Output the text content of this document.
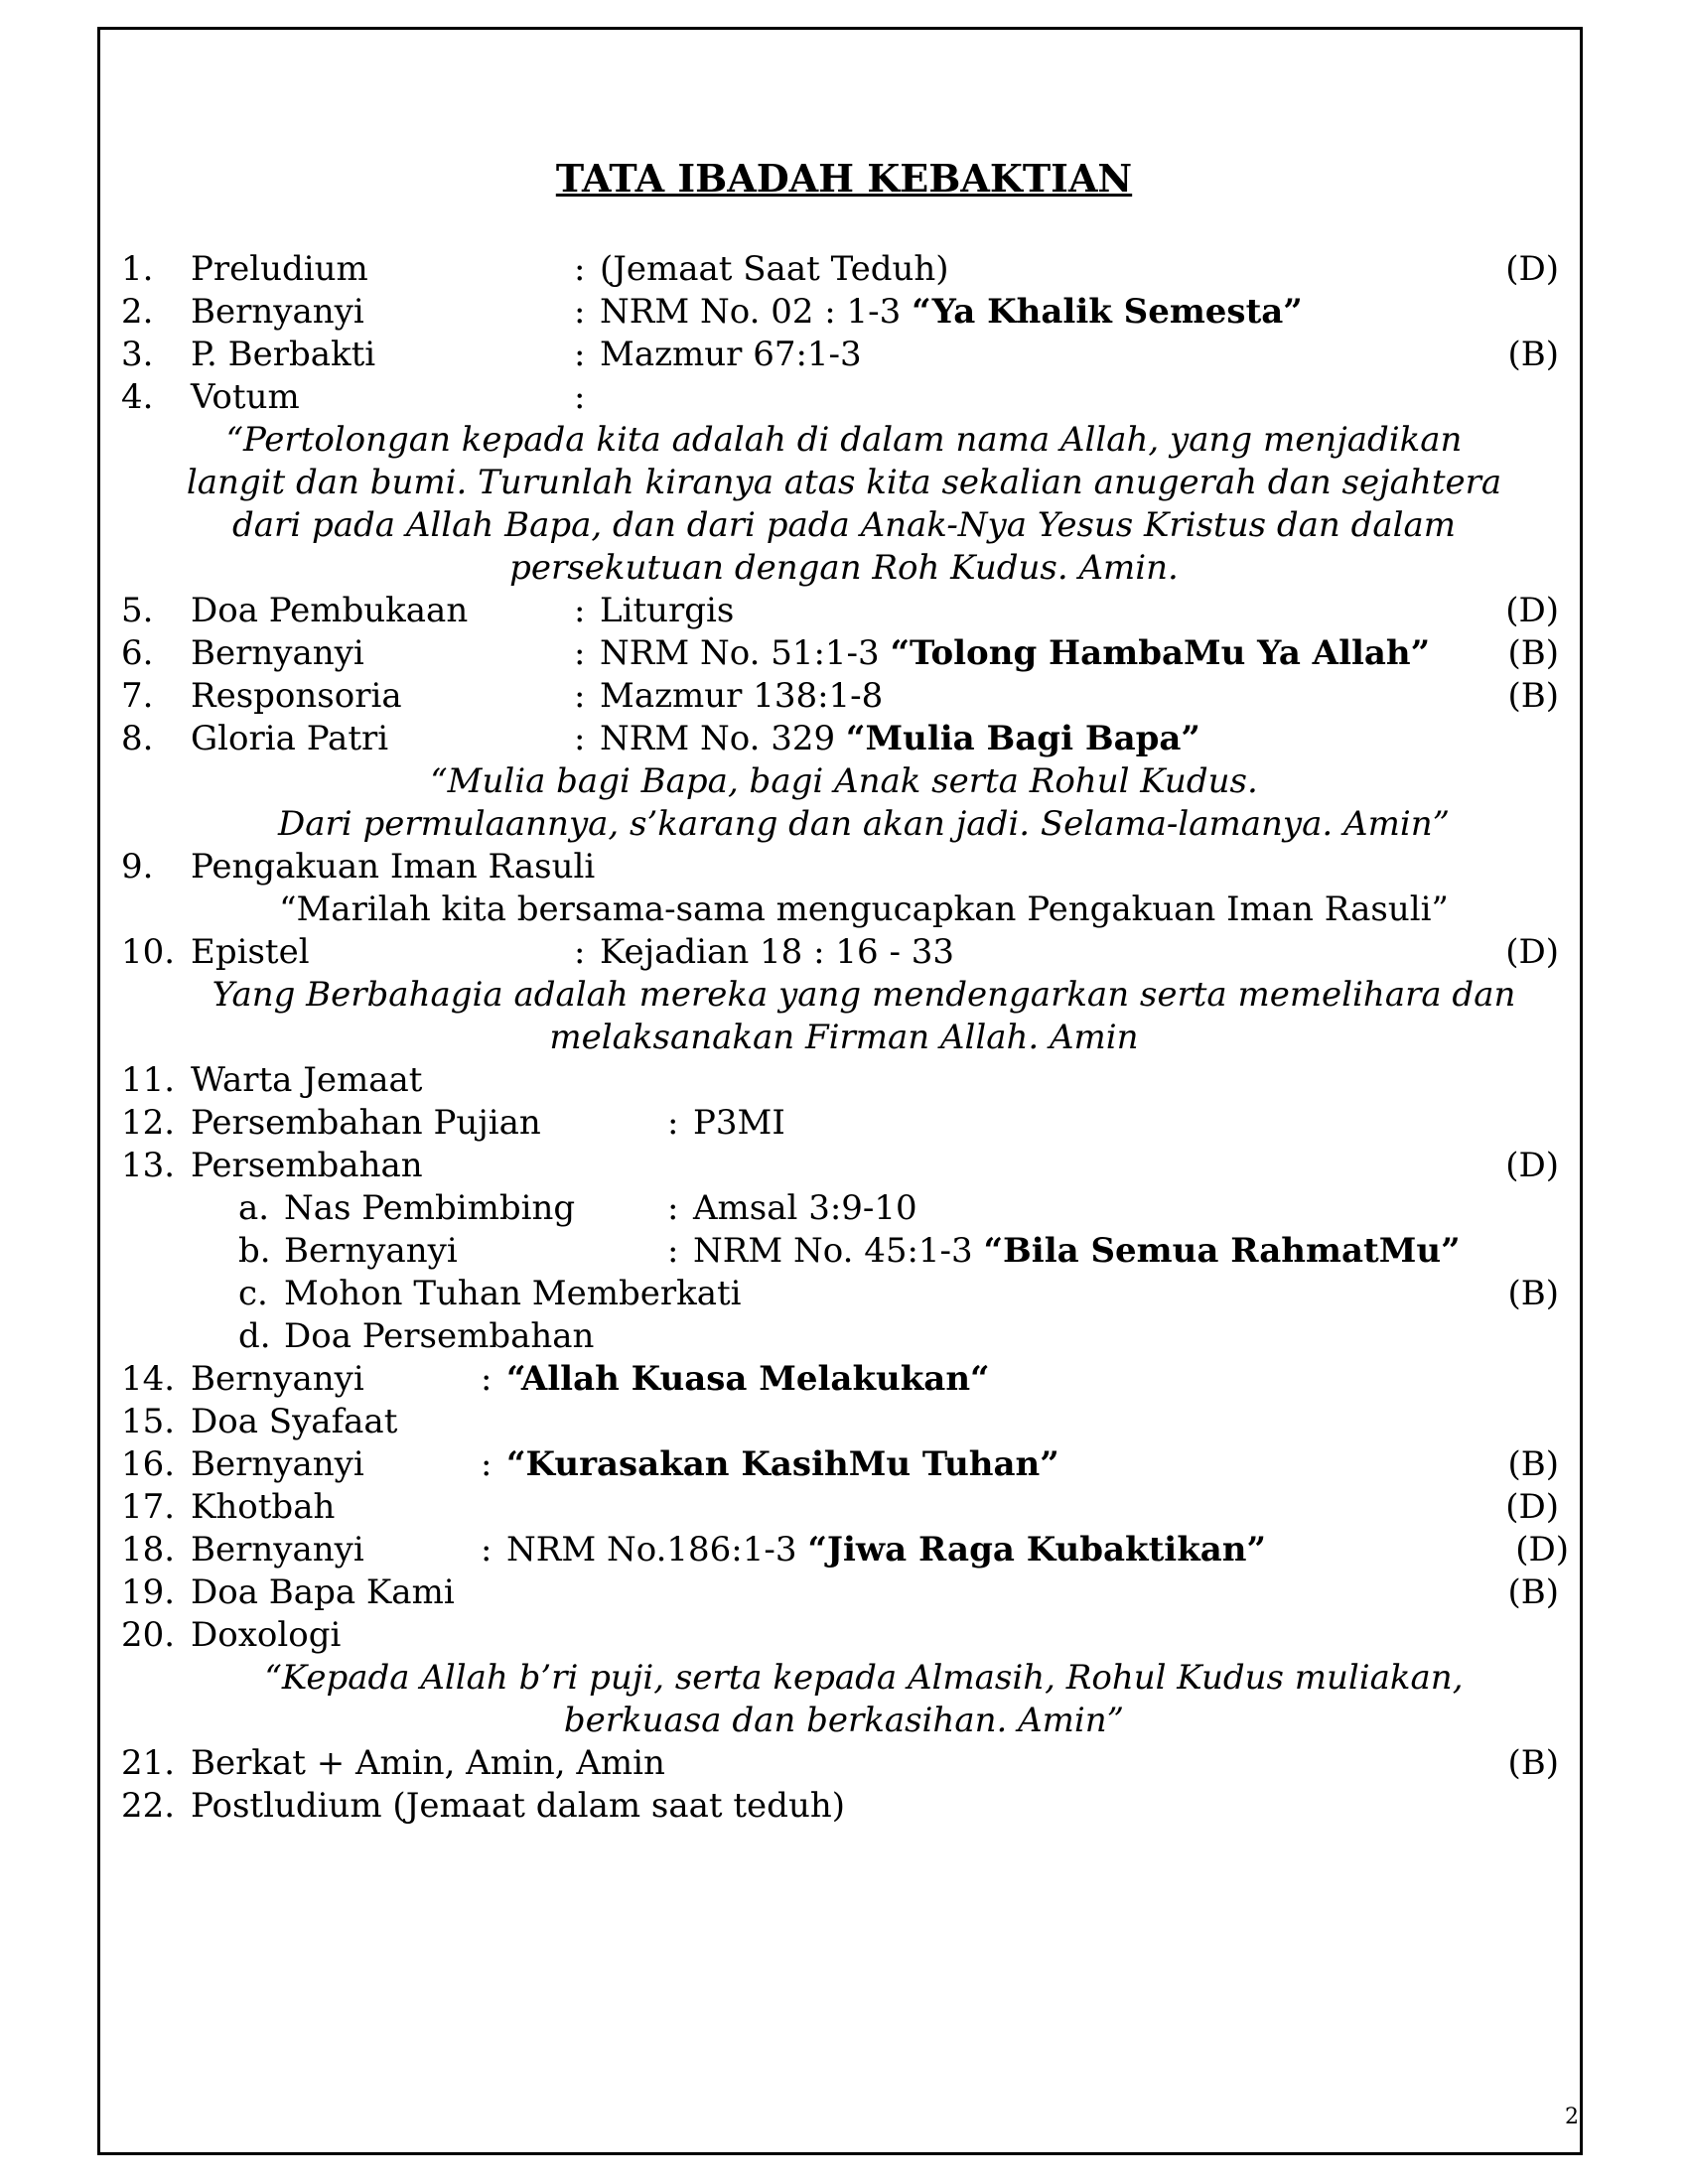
TATA IBADAH KEBAKTIAN
1. Preludium	: (Jemaat Saat Teduh)	(D)
2. Bernyanyi	: NRM No. 02 : 1-3 “Ya Khalik Semesta”
3. P. Berbakti	: Mazmur 67:1-3	(B)
4. Votum	:
“Pertolongan kepada kita adalah di dalam nama Allah, yang menjadikan
langit dan bumi. Turunlah kiranya atas kita sekalian anugerah dan sejahtera
dari pada Allah Bapa, dan dari pada Anak-Nya Yesus Kristus dan dalam
persekutuan dengan Roh Kudus. Amin.
5. Doa Pembukaan	: Liturgis	(D)
6. Bernyanyi	: NRM No. 51:1-3 “Tolong HambaMu Ya Allah” (B)
7. Responsoria	: Mazmur 138:1-8	(B)
8. Gloria Patri	: NRM No. 329 “Mulia Bagi Bapa”
“Mulia bagi Bapa, bagi Anak serta Rohul Kudus.
Dari permulaannya, s’karang dan akan jadi. Selama-lamanya. Amin”
9. Pengakuan Iman Rasuli
“Marilah kita bersama-sama mengucapkan Pengakuan Iman Rasuli”
10. Epistel	: Kejadian 18 : 16 - 33	(D)
Yang Berbahagia adalah mereka yang mendengarkan serta memelihara dan
melaksanakan Firman Allah. Amin
11. Warta Jemaat
12. Persembahan Pujian	: P3MI
13. Persembahan	(D)
a. Nas Pembimbing	: Amsal 3:9-10
b. Bernyanyi	: NRM No. 45:1-3 “Bila Semua RahmatMu”
c. Mohon Tuhan Memberkati	(B)
d. Doa Persembahan
14. Bernyanyi	: “Allah Kuasa Melakukan“
15. Doa Syafaat
16. Bernyanyi	: “Kurasakan KasihMu Tuhan”	(B)
17. Khotbah	(D)
18. Bernyanyi	: NRM No.186:1-3 “Jiwa Raga Kubaktikan”	(D)
19. Doa Bapa Kami	(B)
20. Doxologi
“Kepada Allah b’ri puji, serta kepada Almasih, Rohul Kudus muliakan,
berkuasa dan berkasihan. Amin”
21. Berkat + Amin, Amin, Amin	(B)
22. Postludium (Jemaat dalam saat teduh)
2
